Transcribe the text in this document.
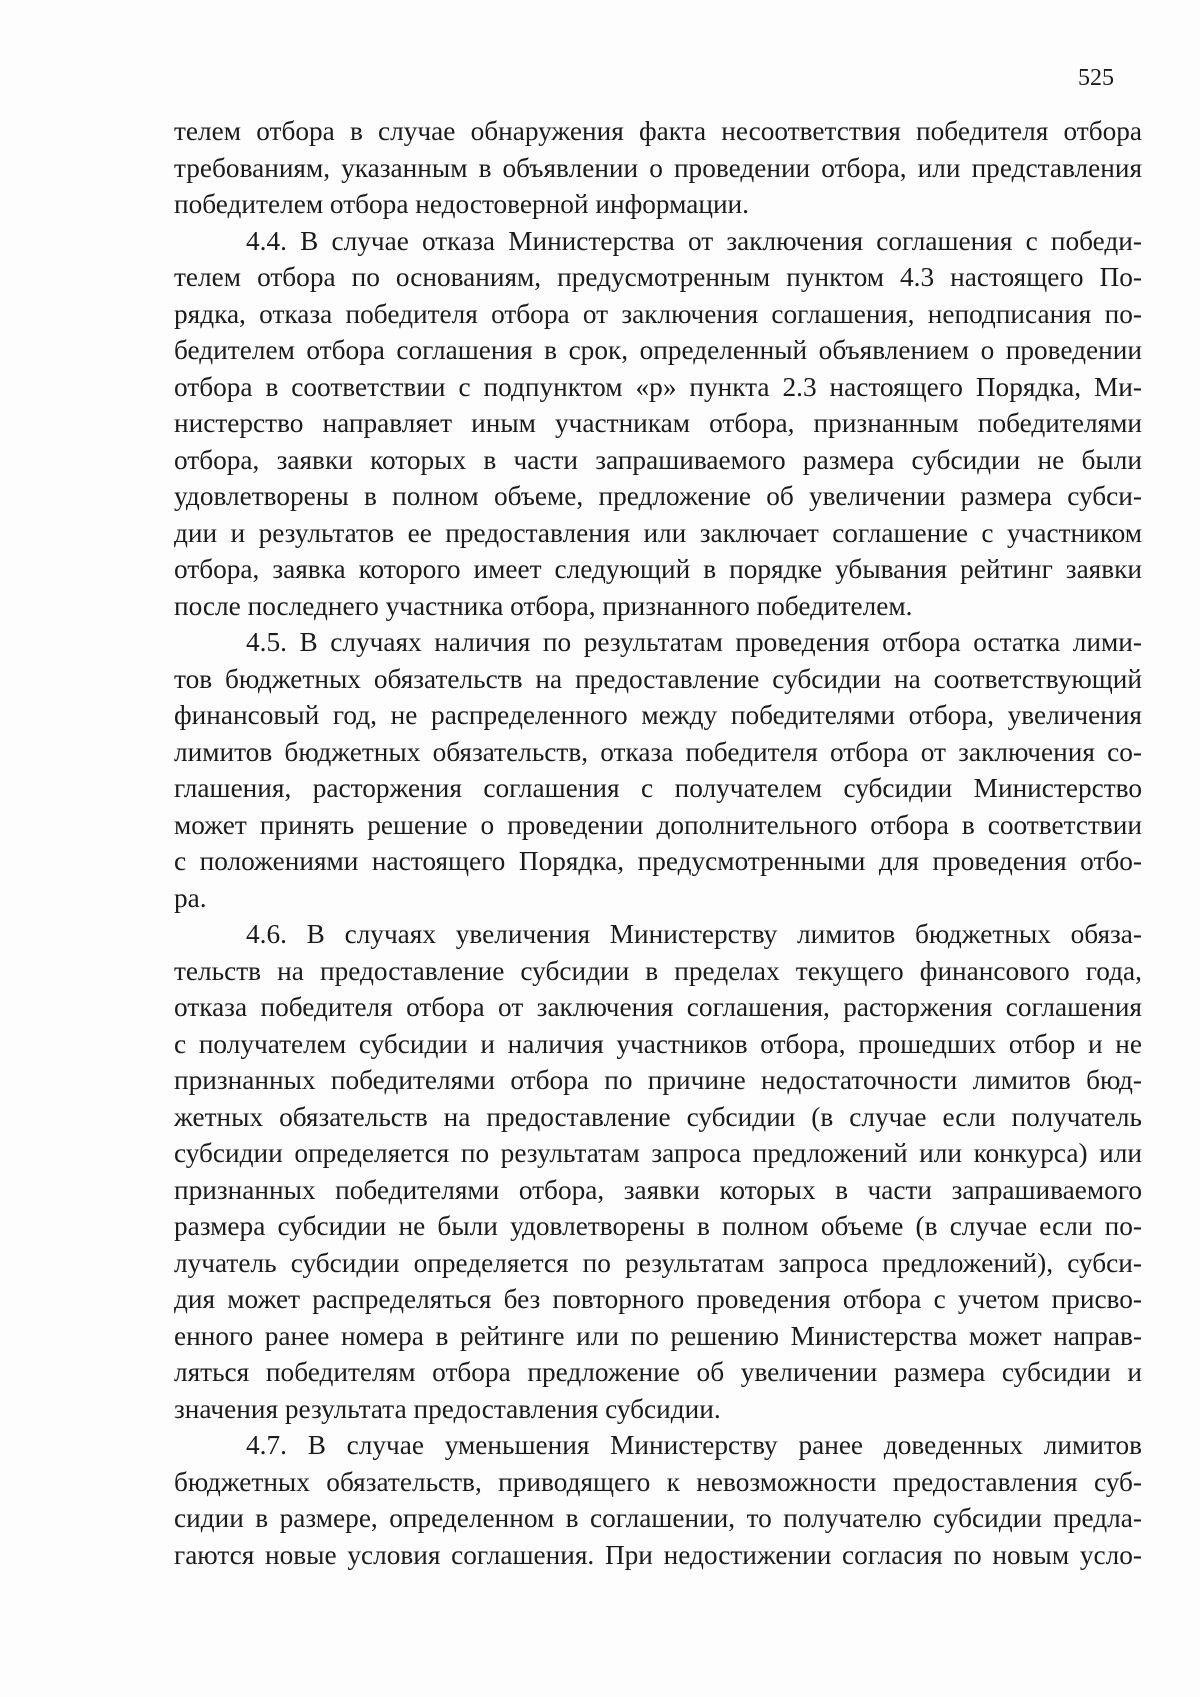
525
телем отбора в случае обнаружения факта несоответствия победителя отбора
требованиям, указанным в объявлении о проведении отбора, или представления
победителем отбора недостоверной информации.
4.4. В случае отказа Министерства от заключения соглашения с победи-
телем отбора по основаниям, предусмотренным пунктом 4.3 настоящего По-
рядка, отказа победителя отбора от заключения соглашения, неподписания по-
бедителем отбора соглашения в срок, определенный объявлением о проведении
отбора в соответствии с подпунктом «р» пункта 2.3 настоящего Порядка, Ми-
нистерство направляет иным участникам отбора, признанным победителями
отбора, заявки которых в части запрашиваемого размера субсидии не были
удовлетворены в полном объеме, предложение об увеличении размера субси-
дии и результатов ее предоставления или заключает соглашение с участником
отбора, заявка которого имеет следующий в порядке убывания рейтинг заявки
после последнего участника отбора, признанного победителем.
4.5. В случаях наличия по результатам проведения отбора остатка лими-
тов бюджетных обязательств на предоставление субсидии на соответствующий
финансовый год, не распределенного между победителями отбора, увеличения
лимитов бюджетных обязательств, отказа победителя отбора от заключения со-
глашения, расторжения соглашения с получателем субсидии Министерство
может принять решение о проведении дополнительного отбора в соответствии
с положениями настоящего Порядка, предусмотренными для проведения отбо-
ра.
4.6. В случаях увеличения Министерству лимитов бюджетных обяза-
тельств на предоставление субсидии в пределах текущего финансового года,
отказа победителя отбора от заключения соглашения, расторжения соглашения
с получателем субсидии и наличия участников отбора, прошедших отбор и не
признанных победителями отбора по причине недостаточности лимитов бюд-
жетных обязательств на предоставление субсидии (в случае если получатель
субсидии определяется по результатам запроса предложений или конкурса) или
признанных победителями отбора, заявки которых в части запрашиваемого
размера субсидии не были удовлетворены в полном объеме (в случае если по-
лучатель субсидии определяется по результатам запроса предложений), субси-
дия может распределяться без повторного проведения отбора с учетом присво-
енного ранее номера в рейтинге или по решению Министерства может направ-
ляться победителям отбора предложение об увеличении размера субсидии и
значения результата предоставления субсидии.
4.7. В случае уменьшения Министерству ранее доведенных лимитов
бюджетных обязательств, приводящего к невозможности предоставления суб-
сидии в размере, определенном в соглашении, то получателю субсидии предла-
гаются новые условия соглашения. При недостижении согласия по новым усло-
